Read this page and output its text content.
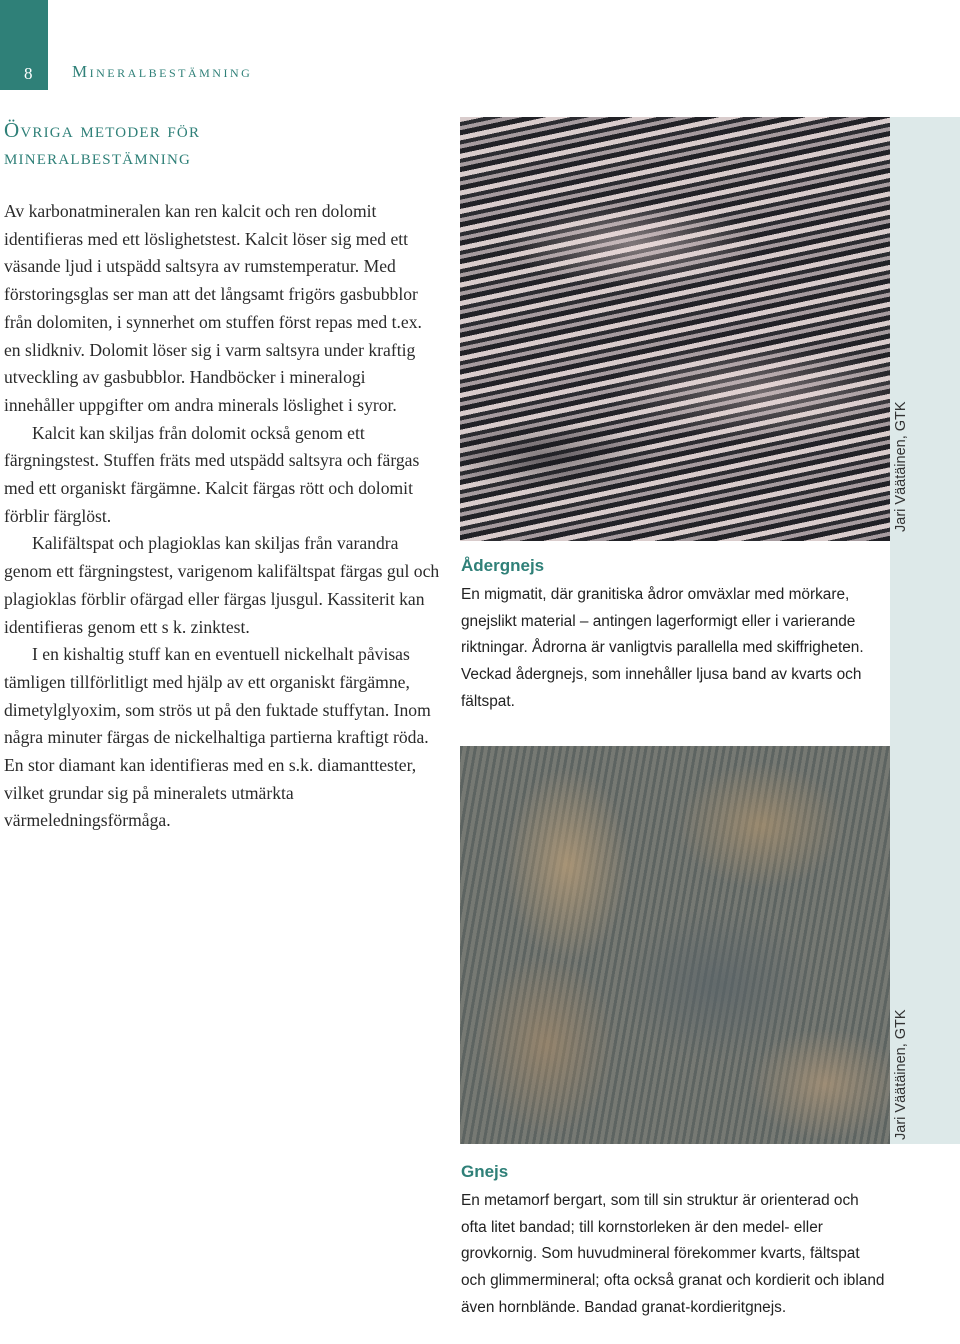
8 Mineralbestämning
Övriga metoder för
mineralbestämning

Av karbonatmineralen kan ren kalcit och ren dolomit identifieras med ett löslighetstest. Kalcit löser sig med ett väsande ljud i utspädd saltsyra av rumstemperatur. Med förstoringsglas ser man att det långsamt frigörs gasbubblor från dolomiten, i synnerhet om stuffen först repas med t.ex. en slidkniv. Dolomit löser sig i varm saltsyra under kraftig utveckling av gasbubblor. Handböcker i mineralogi innehåller uppgifter om andra minerals löslighet i syror.

Kalcit kan skiljas från dolomit också genom ett färgningstest. Stuffen fräts med utspädd saltsyra och färgas med ett organiskt färgämne. Kalcit färgas rött och dolomit förblir färglöst.

Kalifältspat och plagioklas kan skiljas från varandra genom ett färgningstest, varigenom kalifältspat färgas gul och plagioklas förblir ofärgad eller färgas ljusgul. Kassiterit kan identifieras genom ett s k. zinktest.

I en kishaltig stuff kan en eventuell nickelhalt påvisas tämligen tillförlitligt med hjälp av ett organiskt färgämne, dimetylglyoxim, som strös ut på den fuktade stuffytan. Inom några minuter färgas de nickelhaltiga partierna kraftigt röda.

En stor diamant kan identifieras med en s.k. diamanttester, vilket grundar sig på mineralets utmärkta värmeledningsförmåga.

Jari Väätäinen, GTK
Ådergnejs

En migmatit, där granitiska ådror omväxlar med mörkare, gnejslikt material – antingen lagerformigt eller i varierande riktningar. Ådrorna är vanligtvis parallella med skiffrigheten. Veckad ådergnejs, som innehåller ljusa band av kvarts och fältspat.

Jari Väätäinen, GTK
Gnejs

En metamorf bergart, som till sin struktur är orienterad och ofta litet bandad; till kornstorleken är den medel- eller grovkornig. Som huvudmineral förekommer kvarts, fältspat och glimmermineral; ofta också granat och kordierit och ibland även hornblände. Bandad granat-kordieritgnejs.
